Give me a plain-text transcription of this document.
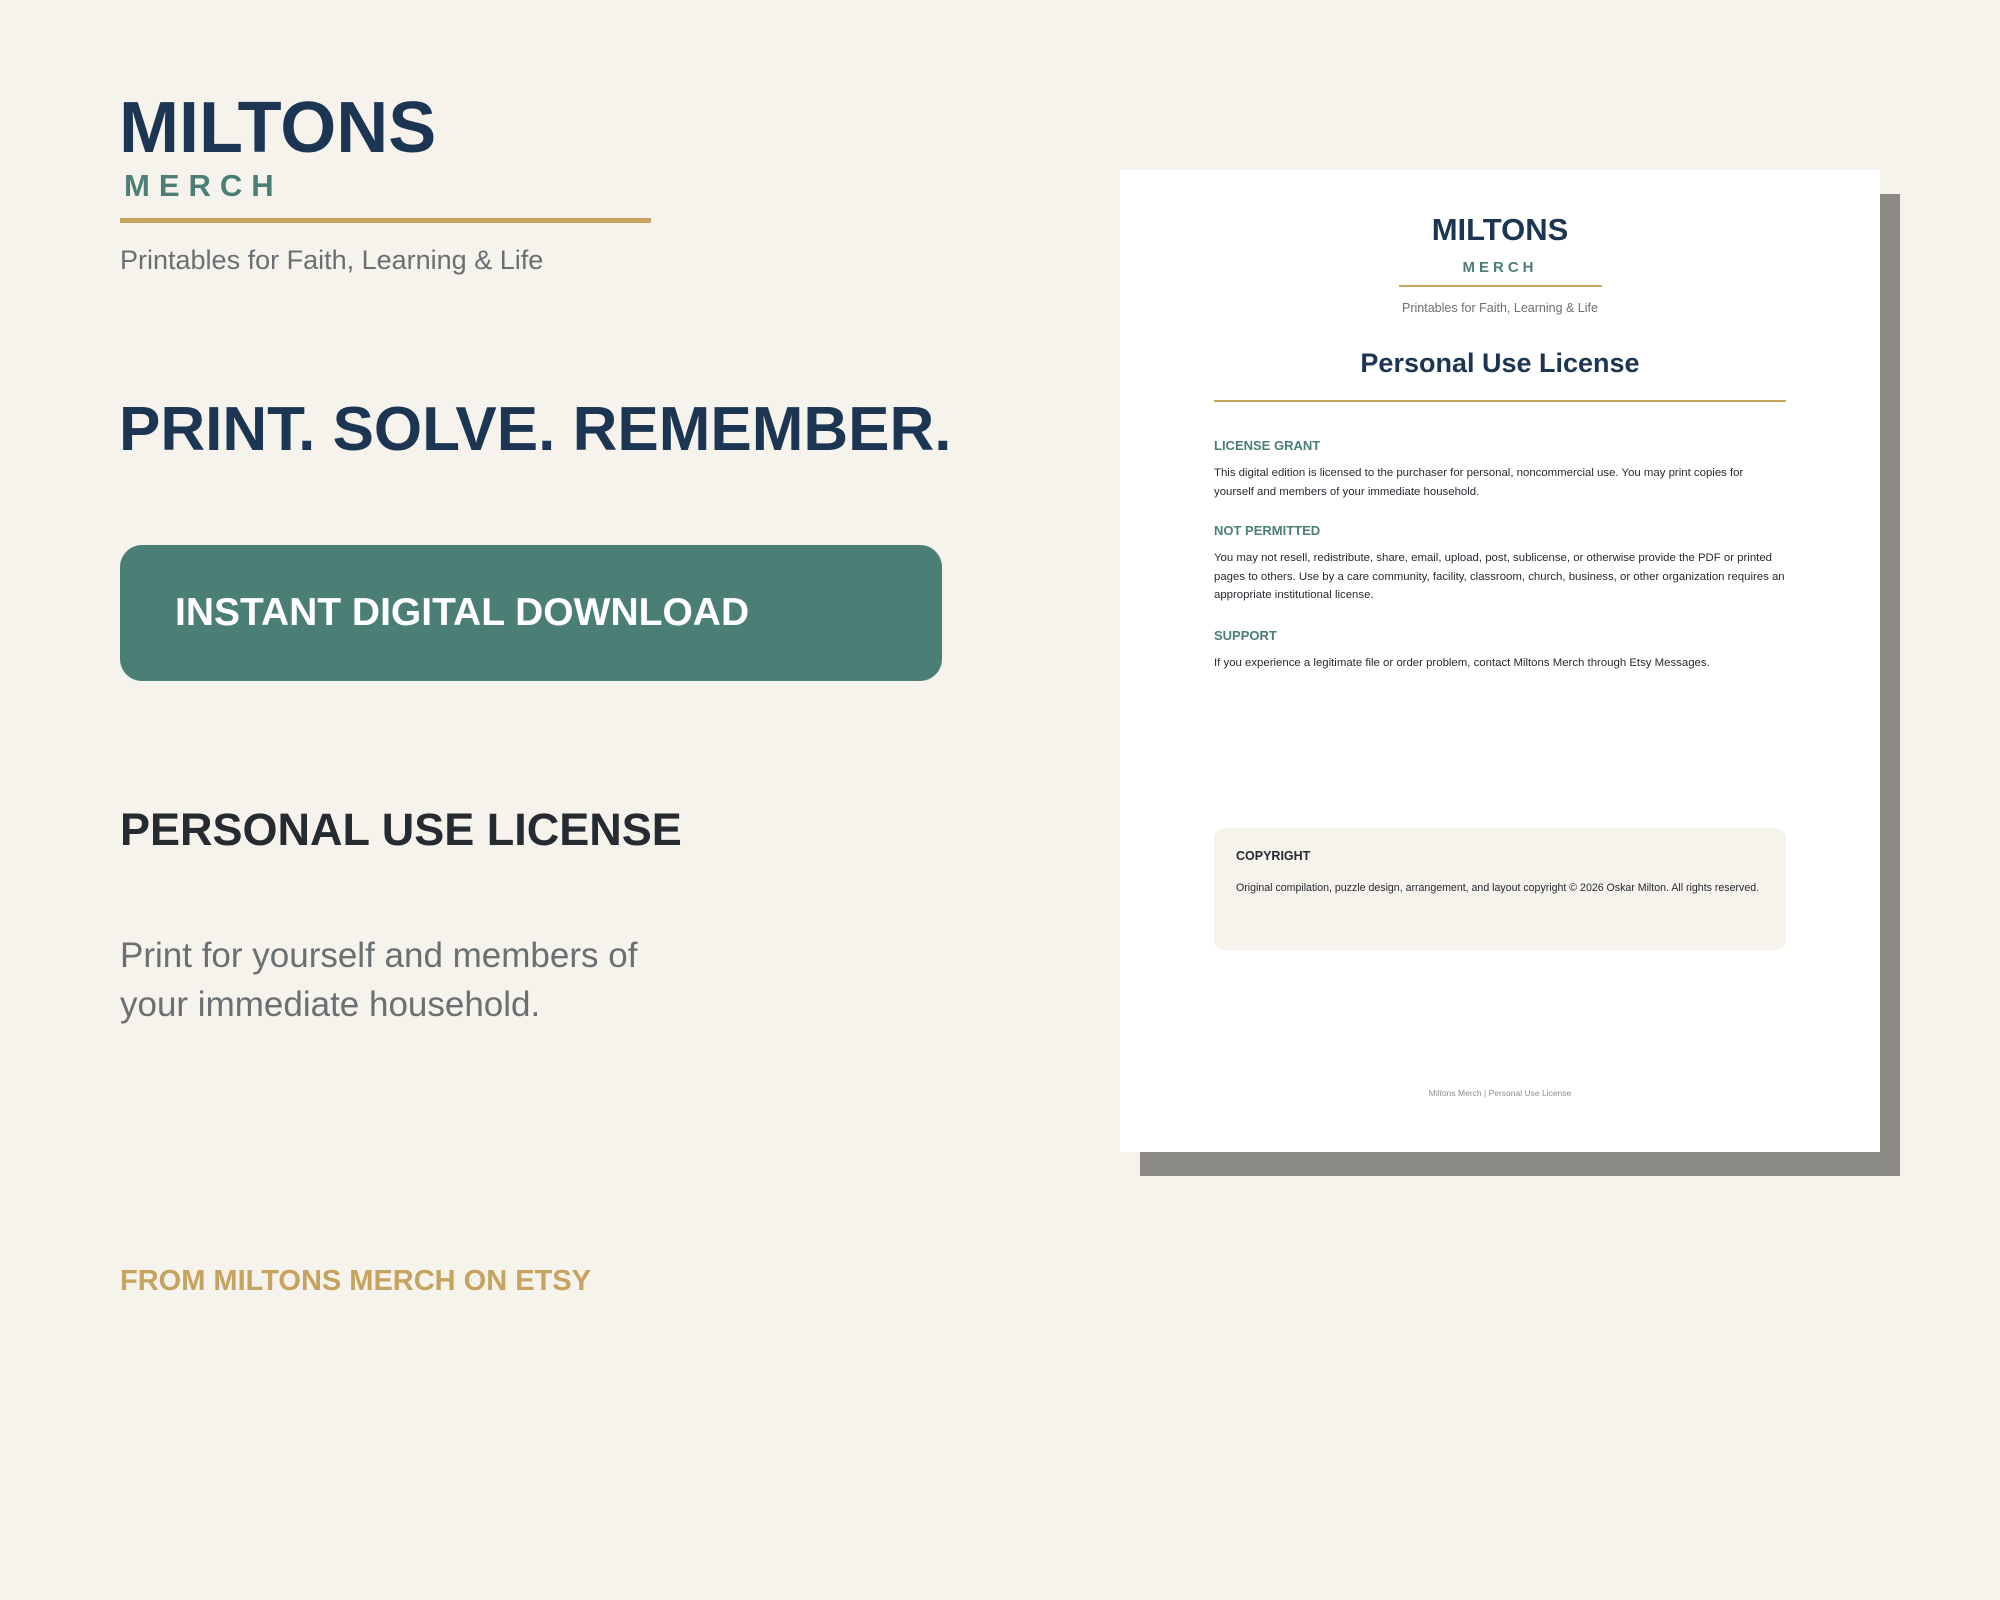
MILTONS
MERCH
Printables for Faith, Learning & Life
PRINT. SOLVE. REMEMBER.
INSTANT DIGITAL DOWNLOAD
PERSONAL USE LICENSE
Print for yourself and members of your immediate household.
FROM MILTONS MERCH ON ETSY
MILTONS
MERCH
Printables for Faith, Learning & Life
Personal Use License

LICENSE GRANT

This digital edition is licensed to the purchaser for personal, noncommercial use. You may print copies for yourself and members of your immediate household.

NOT PERMITTED

You may not resell, redistribute, share, email, upload, post, sublicense, or otherwise provide the PDF or printed pages to others. Use by a care community, facility, classroom, church, business, or other organization requires an appropriate institutional license.

SUPPORT

If you experience a legitimate file or order problem, contact Miltons Merch through Etsy Messages.

COPYRIGHT

Original compilation, puzzle design, arrangement, and layout copyright © 2026 Oskar Milton. All rights reserved.

Miltons Merch | Personal Use License
